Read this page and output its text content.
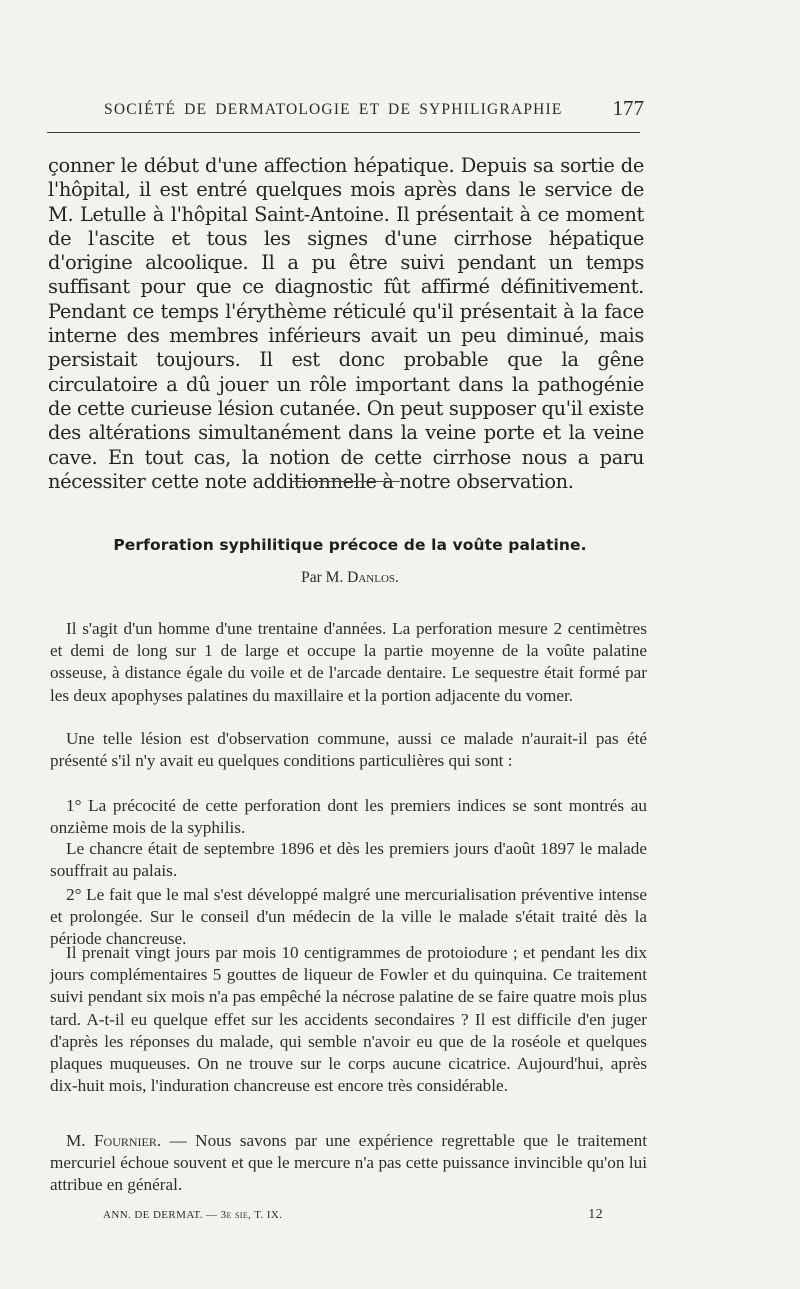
SOCIÉTÉ DE DERMATOLOGIE ET DE SYPHILIGRAPHIE 177

çonner le début d'une affection hépatique. Depuis sa sortie de l'hôpital, il est entré quelques mois après dans le service de M. Letulle à l'hôpital Saint-Antoine. Il présentait à ce moment de l'ascite et tous les signes d'une cirrhose hépatique d'origine alcoolique. Il a pu être suivi pendant un temps suffisant pour que ce diagnostic fût affirmé définitivement. Pendant ce temps l'érythème réticulé qu'il présentait à la face interne des membres inférieurs avait un peu diminué, mais persistait toujours. Il est donc probable que la gêne circulatoire a dû jouer un rôle important dans la pathogénie de cette curieuse lésion cutanée. On peut supposer qu'il existe des altérations simultanément dans la veine porte et la veine cave. En tout cas, la notion de cette cirrhose nous a paru nécessiter cette note additionnelle à notre observation.

Perforation syphilitique précoce de la voûte palatine.
Par M. Danlos.

Il s'agit d'un homme d'une trentaine d'années. La perforation mesure 2 centimètres et demi de long sur 1 de large et occupe la partie moyenne de la voûte palatine osseuse, à distance égale du voile et de l'arcade dentaire. Le sequestre était formé par les deux apophyses palatines du maxillaire et la portion adjacente du vomer.

Une telle lésion est d'observation commune, aussi ce malade n'aurait-il pas été présenté s'il n'y avait eu quelques conditions particulières qui sont :

1° La précocité de cette perforation dont les premiers indices se sont montrés au onzième mois de la syphilis.

Le chancre était de septembre 1896 et dès les premiers jours d'août 1897 le malade souffrait au palais.

2° Le fait que le mal s'est développé malgré une mercurialisation préventive intense et prolongée. Sur le conseil d'un médecin de la ville le malade s'était traité dès la période chancreuse.

Il prenait vingt jours par mois 10 centigrammes de protoiodure ; et pendant les dix jours complémentaires 5 gouttes de liqueur de Fowler et du quinquina. Ce traitement suivi pendant six mois n'a pas empêché la nécrose palatine de se faire quatre mois plus tard. A-t-il eu quelque effet sur les accidents secondaires ? Il est difficile d'en juger d'après les réponses du malade, qui semble n'avoir eu que de la roséole et quelques plaques muqueuses. On ne trouve sur le corps aucune cicatrice. Aujourd'hui, après dix-huit mois, l'induration chancreuse est encore très considérable.

M. Fournier. — Nous savons par une expérience regrettable que le traitement mercuriel échoue souvent et que le mercure n'a pas cette puissance invincible qu'on lui attribue en général.

ANN. DE DERMAT. — 3e sie, T. IX.	12
